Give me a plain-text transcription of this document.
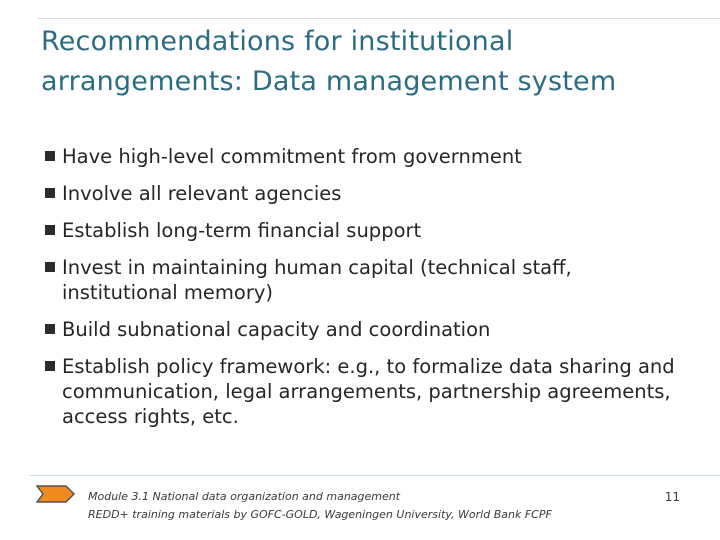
Recommendations for institutional arrangements: Data management system
Have high-level commitment from government
Involve all relevant agencies
Establish long-term financial support
Invest in maintaining human capital (technical staff, institutional memory)
Build subnational capacity and coordination
Establish policy framework: e.g., to formalize data sharing and communication, legal arrangements, partnership agreements, access rights, etc.
Module 3.1 National data organization and management
REDD+ training materials by GOFC-GOLD, Wageningen University, World Bank FCPF
11
